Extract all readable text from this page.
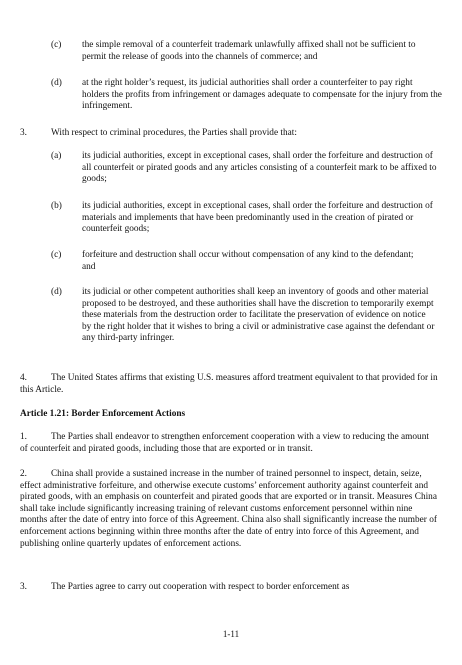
(c) the simple removal of a counterfeit trademark unlawfully affixed shall not be sufficient to permit the release of goods into the channels of commerce; and
(d) at the right holder’s request, its judicial authorities shall order a counterfeiter to pay right holders the profits from infringement or damages adequate to compensate for the injury from the infringement.
3.	With respect to criminal procedures, the Parties shall provide that:
(a) its judicial authorities, except in exceptional cases, shall order the forfeiture and destruction of all counterfeit or pirated goods and any articles consisting of a counterfeit mark to be affixed to goods;
(b) its judicial authorities, except in exceptional cases, shall order the forfeiture and destruction of materials and implements that have been predominantly used in the creation of pirated or counterfeit goods;
(c) forfeiture and destruction shall occur without compensation of any kind to the defendant; and
(d) its judicial or other competent authorities shall keep an inventory of goods and other material proposed to be destroyed, and these authorities shall have the discretion to temporarily exempt these materials from the destruction order to facilitate the preservation of evidence on notice by the right holder that it wishes to bring a civil or administrative case against the defendant or any third-party infringer.
4.	The United States affirms that existing U.S. measures afford treatment equivalent to that provided for in this Article.
Article 1.21: Border Enforcement Actions
1.	The Parties shall endeavor to strengthen enforcement cooperation with a view to reducing the amount of counterfeit and pirated goods, including those that are exported or in transit.
2.	China shall provide a sustained increase in the number of trained personnel to inspect, detain, seize, effect administrative forfeiture, and otherwise execute customs’ enforcement authority against counterfeit and pirated goods, with an emphasis on counterfeit and pirated goods that are exported or in transit. Measures China shall take include significantly increasing training of relevant customs enforcement personnel within nine months after the date of entry into force of this Agreement. China also shall significantly increase the number of enforcement actions beginning within three months after the date of entry into force of this Agreement, and publishing online quarterly updates of enforcement actions.
3.	The Parties agree to carry out cooperation with respect to border enforcement as
1-11
